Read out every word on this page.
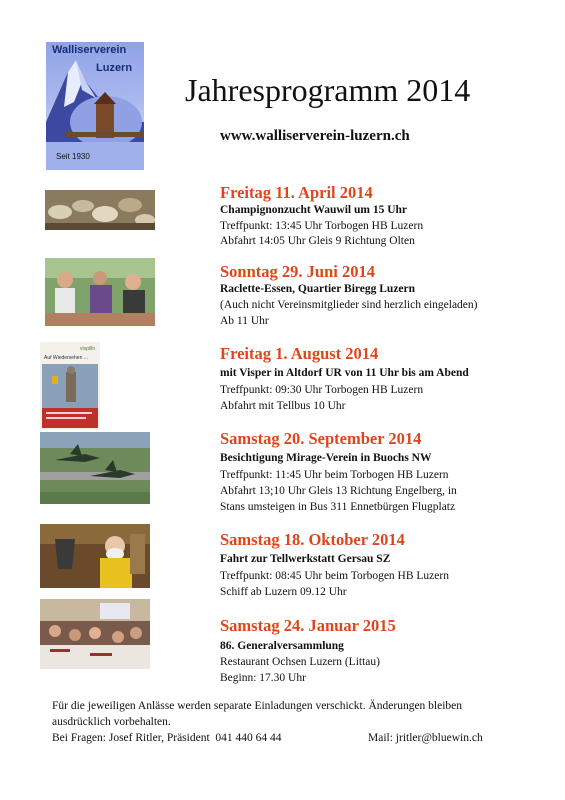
Walliserverein
Luzern
Seit 1930
Jahresprogramm 2014
www.walliserverein-luzern.ch
Auf Wiedersehen ...
vispillo
Freitag 11. April 2014
Champignonzucht Wauwil um 15 Uhr
Treffpunkt: 13:45 Uhr Torbogen HB Luzern
Abfahrt 14:05 Uhr Gleis 9 Richtung Olten
Sonntag 29. Juni 2014
Raclette-Essen, Quartier Biregg Luzern
(Auch nicht Vereinsmitglieder sind herzlich eingeladen)
Ab 11 Uhr
Freitag 1. August 2014
mit Visper in Altdorf UR von 11 Uhr bis am Abend
Treffpunkt: 09:30 Uhr Torbogen HB Luzern
Abfahrt mit Tellbus 10 Uhr
Samstag 20. September 2014
Besichtigung Mirage-Verein in Buochs NW
Treffpunkt: 11:45 Uhr beim Torbogen HB Luzern
Abfahrt 13;10 Uhr Gleis 13 Richtung Engelberg, in
Stans umsteigen in Bus 311 Ennetbürgen Flugplatz
Samstag 18. Oktober 2014
Fahrt zur Tellwerkstatt Gersau SZ
Treffpunkt: 08:45 Uhr beim Torbogen HB Luzern
Schiff ab Luzern 09.12 Uhr
Samstag 24. Januar 2015
86. Generalversammlung
Restaurant Ochsen Luzern (Littau)
Beginn: 17.30 Uhr
Für die jeweiligen Anlässe werden separate Einladungen verschickt. Änderungen bleiben
ausdrücklich vorbehalten.
Bei Fragen: Josef Ritler, Präsident  041 440 64 44	Mail: jritler@bluewin.ch
